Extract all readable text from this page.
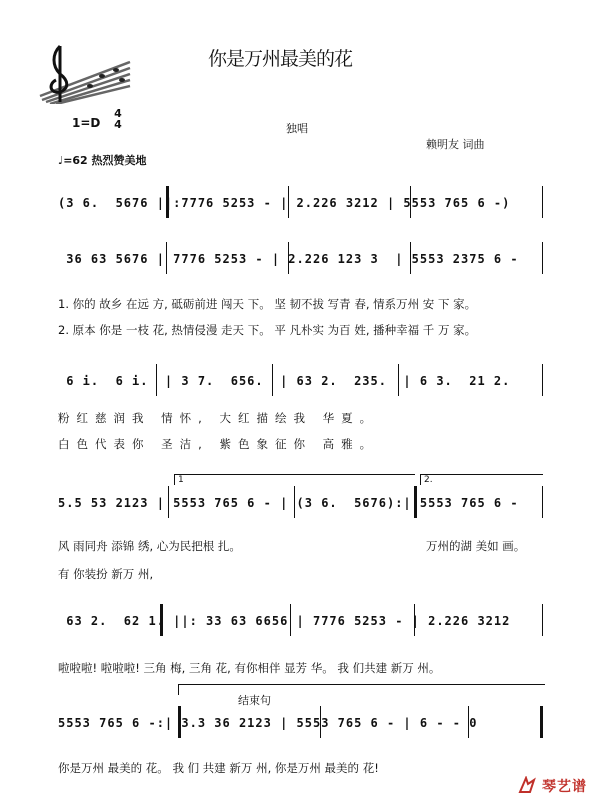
你是万州最美的花
1=D
4
4	独唱
赖明友 词曲
♩=62 热烈赞美地
(3 6.  5676 ||:7776 5253 - | 2.226 3212 | 5553 765 6 -)
36 63 5676 | 7776 5253 - | 2.226 123 3  | 5553 2375 6 -
1. 你的 故乡 在远 方, 砥砺前进 闯天 下。 坚 韧不拔 写青 春, 情系万州 安 下 家。
2. 原本 你是 一枝 花, 热情侵漫 走天 下。 平 凡朴实 为百 姓, 播种幸福 千 万 家。
6 i.  6 i.  | 3 7.  656.  | 63 2.  235.  | 6 3.  21 2.
粉红慈润我 情怀, 大红描绘我 华夏。
白色代表你 圣洁, 紫色象征你 高雅。
1	2.
5.5 53 2123 | 5553 765 6 - | (3 6.  5676):| 5553 765 6 -
风 雨同舟 添锦 绣, 心为民把根 扎。	万州的湖 美如 画。
有 你装扮 新万 州,
63 2.  62 1. ||: 33 63 6656 | 7776 5253 - | 2.226 3212
啦啦啦! 啦啦啦! 三角 梅, 三角 花, 有你相伴 显芳 华。 我 们共建 新万 州。
结束句
5553 765 6 -:| 3.3 36 2123 | 5553 765 6 - | 6 - - 0
你是万州 最美的 花。 我 们 共建 新万 州, 你是万州 最美的 花!
琴艺谱
